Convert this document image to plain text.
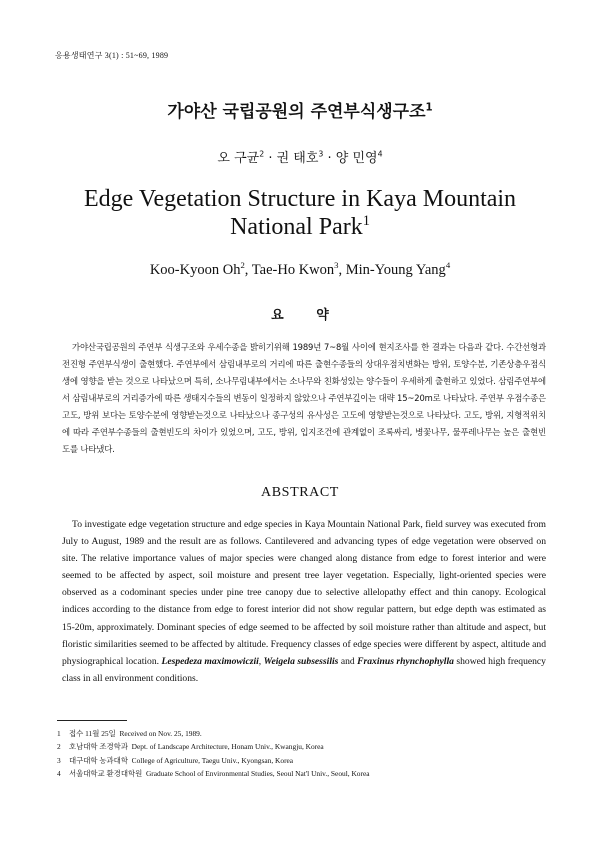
응용생태연구 3(1) : 51~69, 1989
가야산 국립공원의 주연부식생구조$^1$
오 구균$^2$ · 권 태호$^3$ · 양 민영$^4$
Edge Vegetation Structure in Kaya Mountain
National Park$^1$
Koo-Kyoon Oh$^2$, Tae-Ho Kwon$^3$, Min-Young Yang$^4$
요 약
가야산국립공원의 주연부 식생구조와 우세수종을 밝히기위해 1989년 7~8월 사이에 현지조사를 한 결과는 다음과 같다. 수간선형과 전진형 주연부식생이 출현했다. 주연부에서 삼림내부로의 거리에 따른 출현수종들의 상대우점치변화는 방위, 토양수분, 기존상층우점식생에 영향을 받는 것으로 나타났으며 특히, 소나무림내부에서는 소나무와 친화성있는 양수들이 우세하게 출현하고 있었다. 삼림주연부에서 삼림내부로의 거리증가에 따른 생태지수들의 변동이 일정하지 않았으나 주연부깊이는 대략 15~20m로 나타났다. 주연부 우점수종은 고도, 방위 보다는 토양수분에 영향받는것으로 나타났으나 종구성의 유사성은 고도에 영향받는것으로 나타났다. 고도, 방위, 지형적위치에 따라 주연부수종들의 출현빈도의 차이가 있었으며, 고도, 방위, 입지조건에 관계없이 조록싸리, 병꽃나무, 물푸레나무는 높은 출현빈도를 나타냈다.
ABSTRACT
To investigate edge vegetation structure and edge species in Kaya Mountain National Park, field survey was executed from July to August, 1989 and the result are as follows. Cantilevered and advancing types of edge vegetation were observed on site. The relative importance values of major species were changed along distance from edge to forest interior and were seemed to be affected by aspect, soil moisture and present tree layer vegetation. Especially, light-oriented species were observed as a codominant species under pine tree canopy due to selective allelopathy effect and thin canopy. Ecological indices according to the distance from edge to forest interior did not show regular pattern, but edge depth was estimated as 15-20m, approximately. Dominant species of edge seemed to be affected by soil moisture rather than altitude and aspect, but floristic similarities seemed to be affected by altitude. Frequency classes of edge species were different by aspect, altitude and physiographical location. Lespedeza maximowiczii, Weigela subsessilis and Fraxinus rhynchophylla showed high frequency class in all environment conditions.
1 접수 11월 25일 Received on Nov. 25, 1989.
2 호남대학 조경학과 Dept. of Landscape Architecture, Honam Univ., Kwangju, Korea
3 대구대학 농과대학 College of Agriculture, Taegu Univ., Kyongsan, Korea
4 서울대학교 환경대학원 Graduate School of Environmental Studies, Seoul Nat'l Univ., Seoul, Korea
